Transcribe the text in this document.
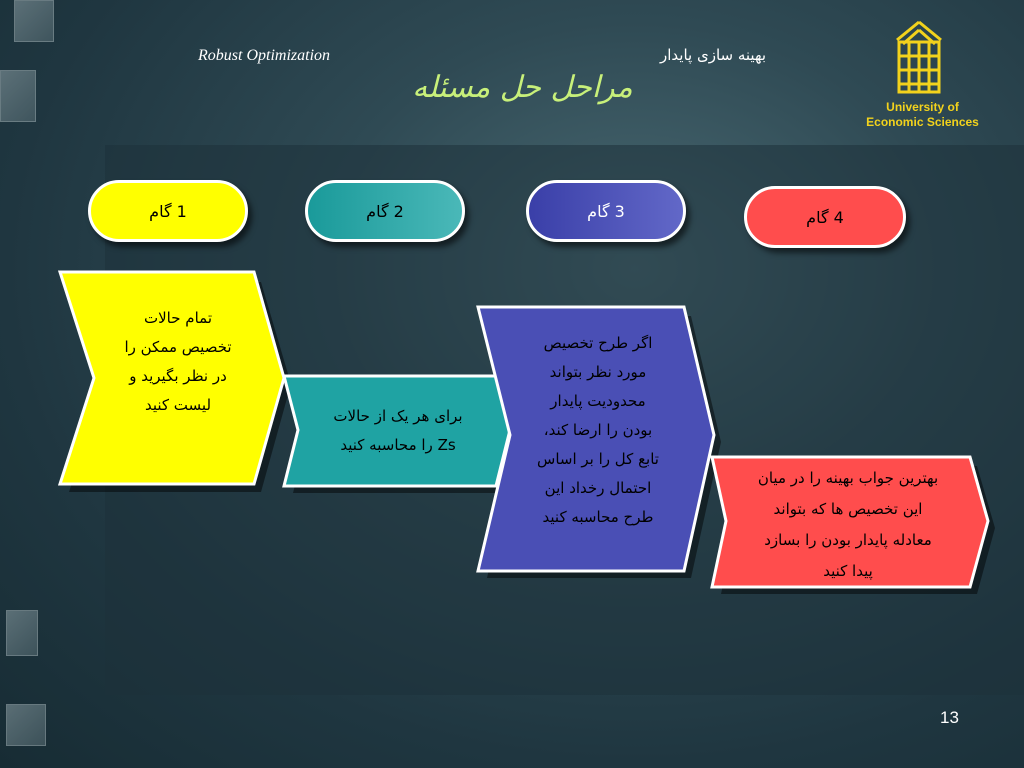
Robust Optimization	بهینه سازی پایدار
مراحل حل مسئله
University of
Economic Sciences
1 گام	2 گام	3 گام	4 گام
تمام حالات
تخصیص ممکن را
در نظر بگیرید و
لیست کنید
برای هر یک از حالات
Zs را محاسبه کنید
اگر طرح تخصیص
مورد نظر بتواند
محدودیت پایدار
بودن را ارضا کند،
تابع کل را بر اساس
احتمال رخداد این
طرح محاسبه کنید
بهترین جواب بهینه را در میان
این تخصیص ها که بتواند
معادله پایدار بودن را بسازد
پیدا کنید
13
